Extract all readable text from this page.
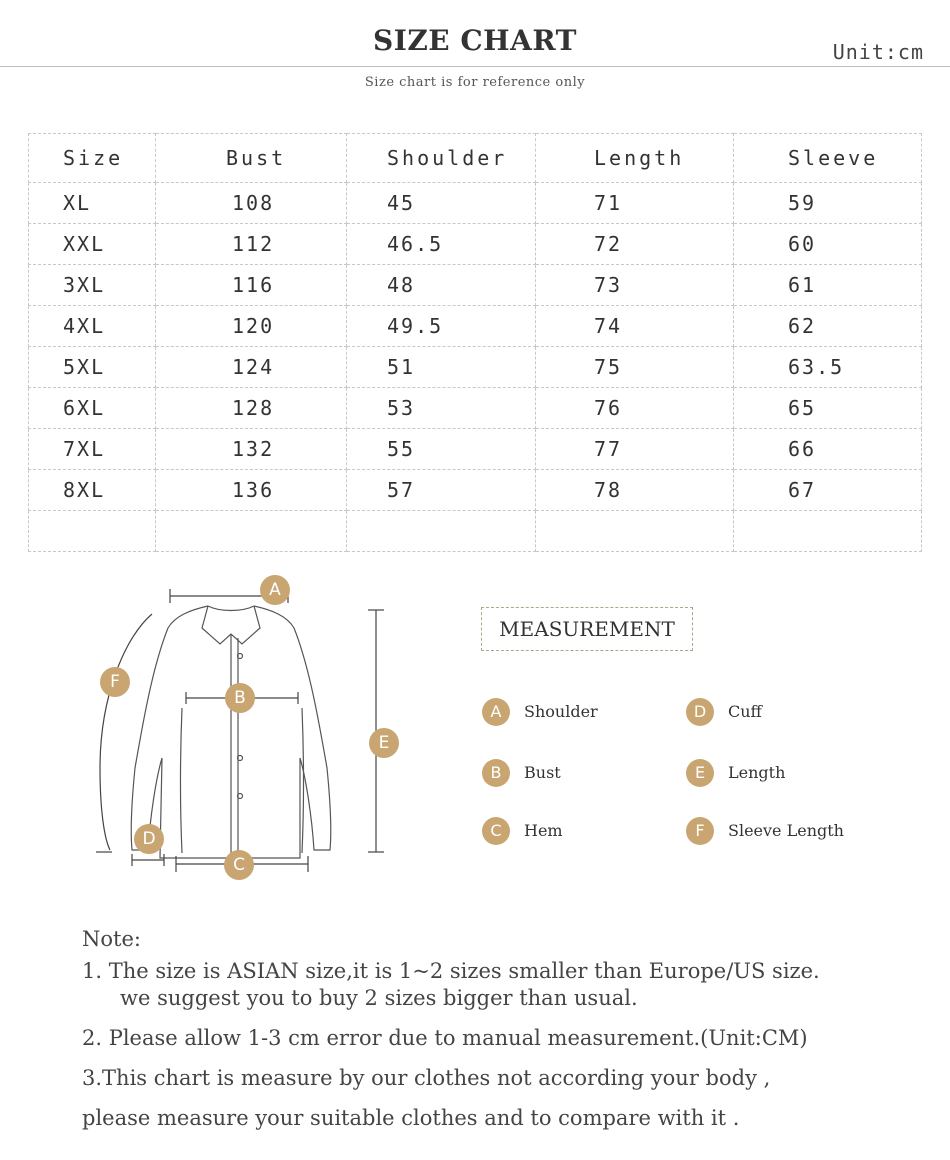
SIZE CHART	Unit:cm
Size chart is for reference only
Size	Bust	Shoulder	Length	Sleeve
XL	108	45	71	59
XXL	112	46.5	72	60
3XL	116	48	73	61
4XL	120	49.5	74	62
5XL	124	51	75	63.5
6XL	128	53	76	65
7XL	132	55	77	66
8XL	136	57	78	67

A
B
C
D
E
F
MEASUREMENT
A	Shoulder	D	Cuff
B	Bust	E	Length
C	Hem	F	Sleeve Length
Note:
1. The size is ASIAN size,it is 1~2 sizes smaller than Europe/US size.
we suggest you to buy 2 sizes bigger than usual.
2. Please allow 1-3 cm error due to manual measurement.(Unit:CM)
3.This chart is measure by our clothes not according your body ,
please measure your suitable clothes and to compare with it .
